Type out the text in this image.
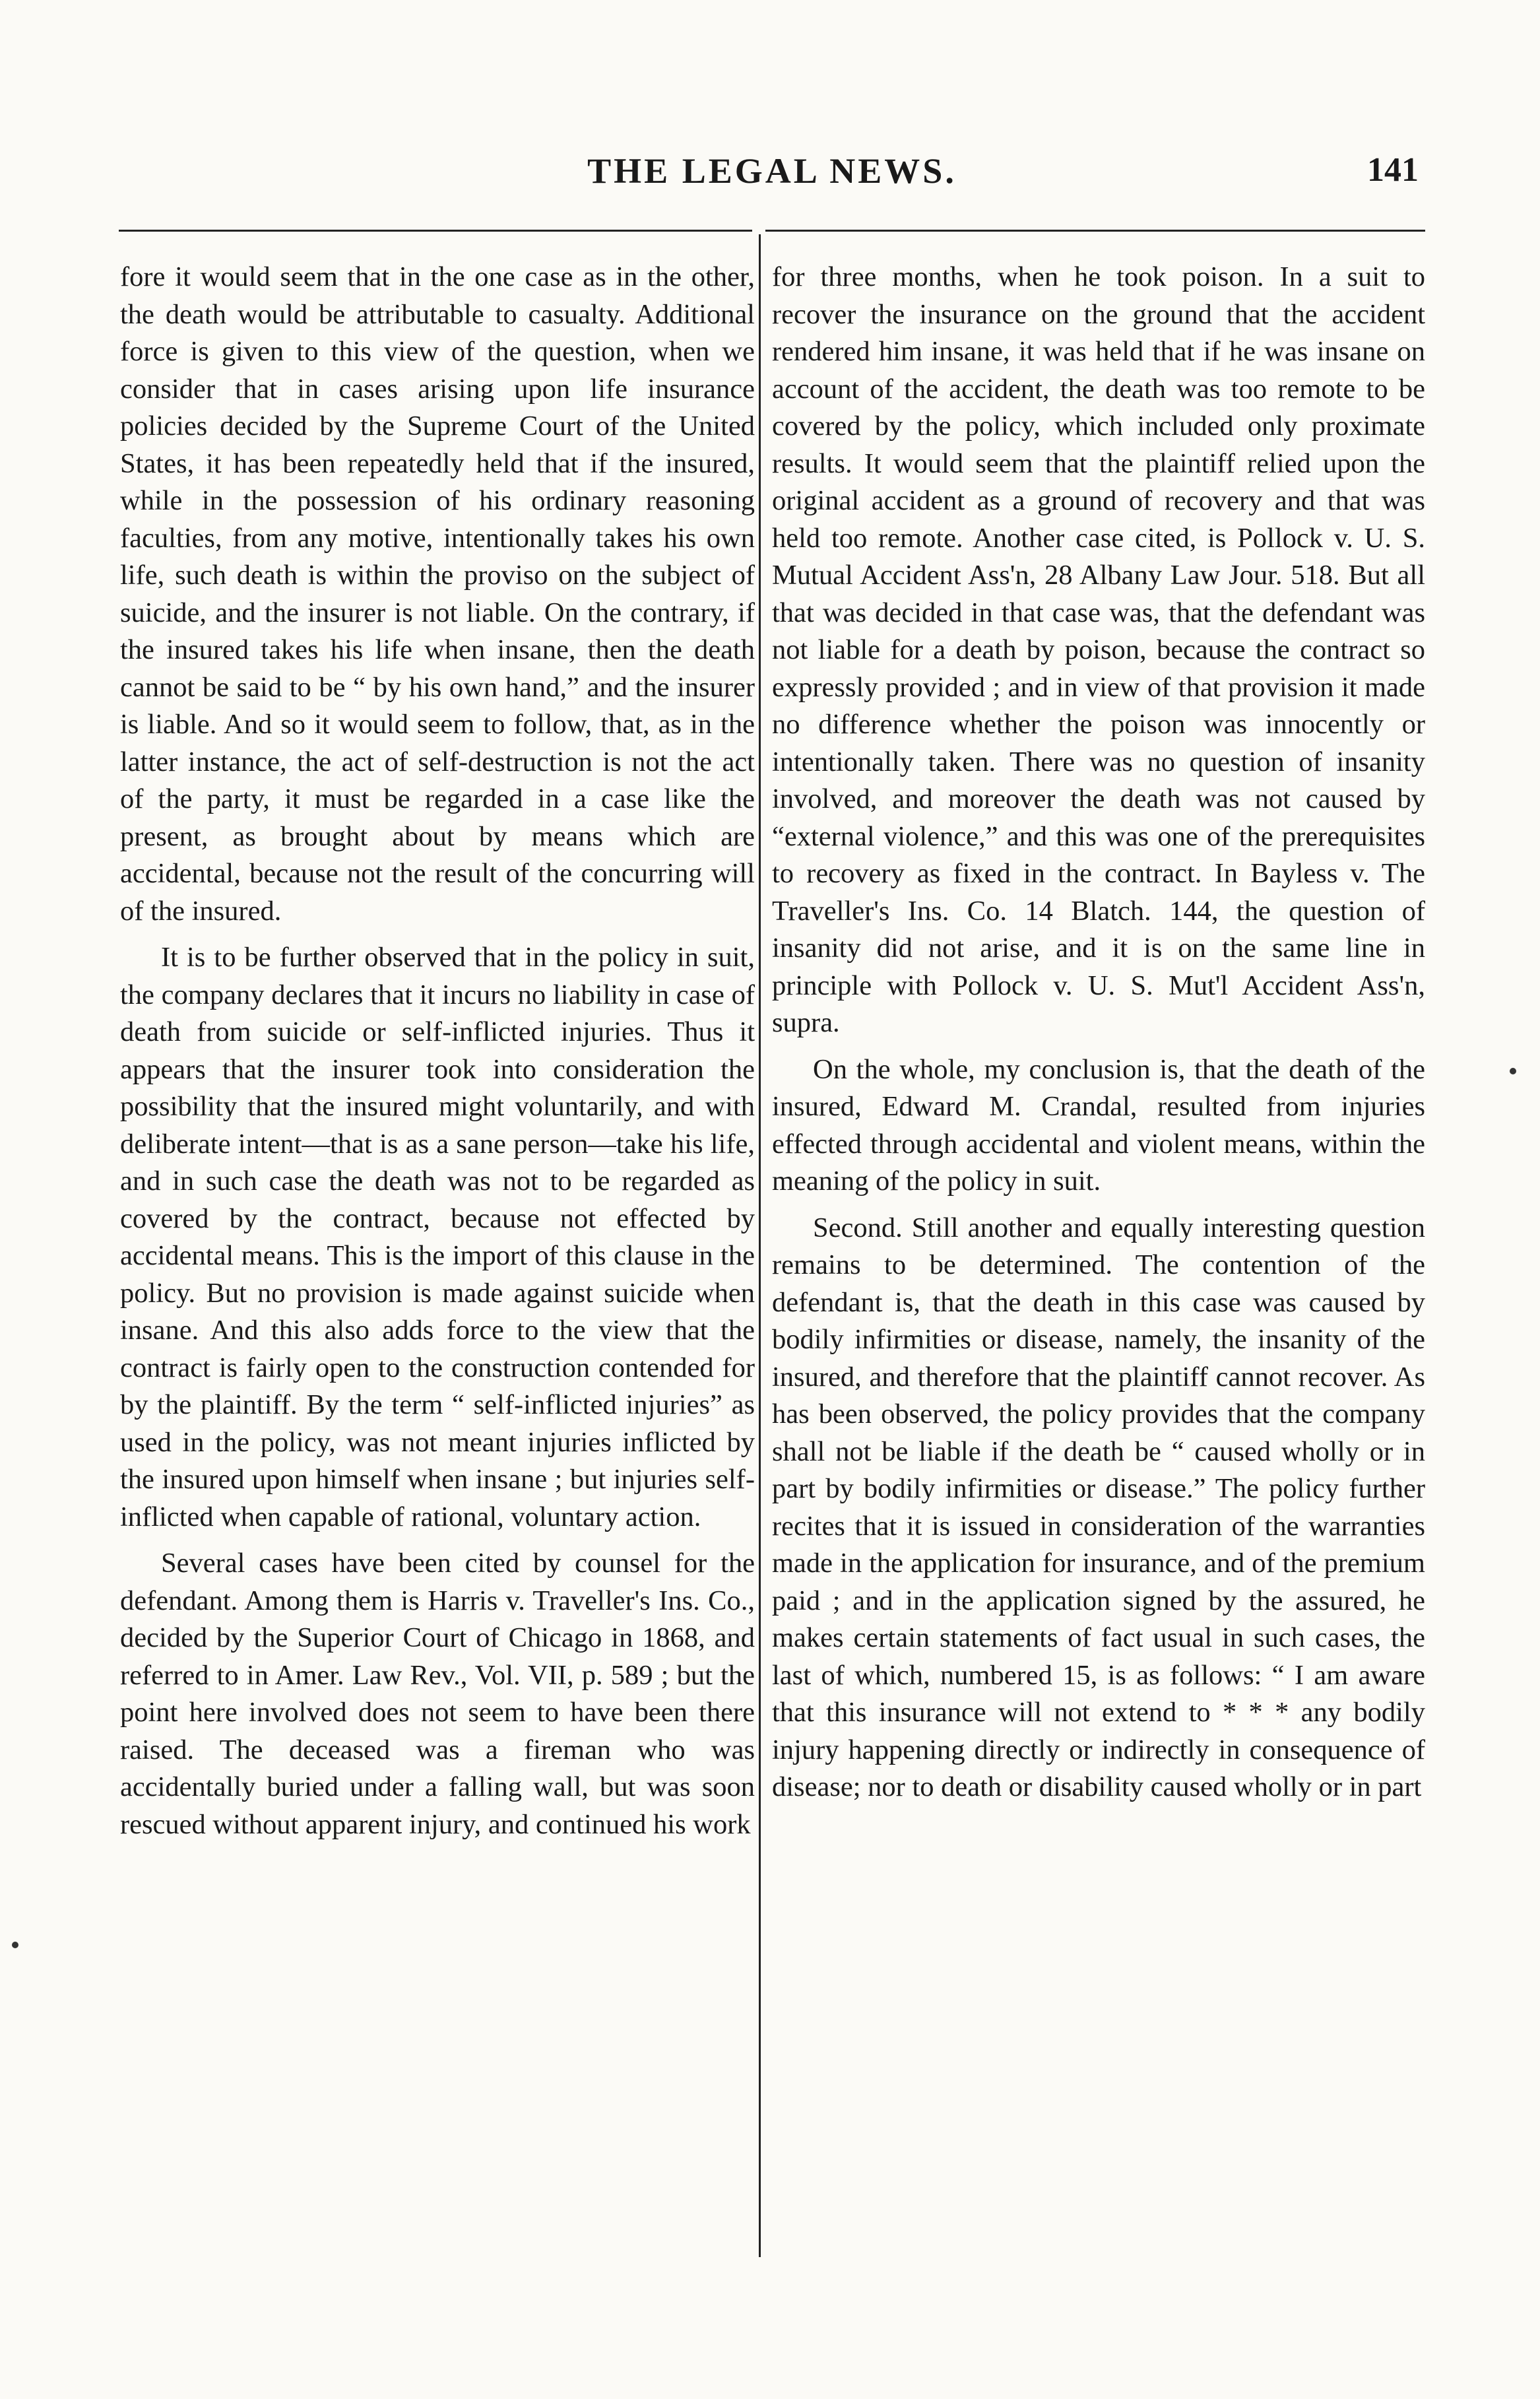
THE LEGAL NEWS.	141

fore it would seem that in the one case as in the other, the death would be attributable to casualty. Additional force is given to this view of the question, when we consider that in cases arising upon life insurance policies decided by the Supreme Court of the United States, it has been repeatedly held that if the insured, while in the possession of his ordinary reasoning faculties, from any motive, intentionally takes his own life, such death is within the proviso on the subject of suicide, and the insurer is not liable. On the contrary, if the insured takes his life when insane, then the death cannot be said to be “ by his own hand,” and the insurer is liable. And so it would seem to follow, that, as in the latter instance, the act of self-destruction is not the act of the party, it must be regarded in a case like the present, as brought about by means which are accidental, because not the result of the concurring will of the insured.

It is to be further observed that in the policy in suit, the company declares that it incurs no liability in case of death from suicide or self-inflicted injuries. Thus it appears that the insurer took into consideration the possibility that the insured might voluntarily, and with deliberate intent—that is as a sane person—take his life, and in such case the death was not to be regarded as covered by the contract, because not effected by accidental means. This is the import of this clause in the policy. But no provision is made against suicide when insane. And this also adds force to the view that the contract is fairly open to the construction contended for by the plaintiff. By the term “ self-inflicted injuries” as used in the policy, was not meant injuries inflicted by the insured upon himself when insane ; but injuries self-inflicted when capable of rational, voluntary action.

Several cases have been cited by counsel for the defendant. Among them is Harris v. Traveller's Ins. Co., decided by the Superior Court of Chicago in 1868, and referred to in Amer. Law Rev., Vol. VII, p. 589 ; but the point here involved does not seem to have been there raised. The deceased was a fireman who was accidentally buried under a falling wall, but was soon rescued without apparent injury, and continued his work

for three months, when he took poison. In a suit to recover the insurance on the ground that the accident rendered him insane, it was held that if he was insane on account of the accident, the death was too remote to be covered by the policy, which included only proximate results. It would seem that the plaintiff relied upon the original accident as a ground of recovery and that was held too remote. Another case cited, is Pollock v. U. S. Mutual Accident Ass'n, 28 Albany Law Jour. 518. But all that was decided in that case was, that the defendant was not liable for a death by poison, because the contract so expressly provided ; and in view of that provision it made no difference whether the poison was innocently or intentionally taken. There was no question of insanity involved, and moreover the death was not caused by “external violence,” and this was one of the prerequisites to recovery as fixed in the contract. In Bayless v. The Traveller's Ins. Co. 14 Blatch. 144, the question of insanity did not arise, and it is on the same line in principle with Pollock v. U. S. Mut'l Accident Ass'n, supra.

On the whole, my conclusion is, that the death of the insured, Edward M. Crandal, resulted from injuries effected through accidental and violent means, within the meaning of the policy in suit.

Second. Still another and equally interesting question remains to be determined. The contention of the defendant is, that the death in this case was caused by bodily infirmities or disease, namely, the insanity of the insured, and therefore that the plaintiff cannot recover. As has been observed, the policy provides that the company shall not be liable if the death be “ caused wholly or in part by bodily infirmities or disease.” The policy further recites that it is issued in consideration of the warranties made in the application for insurance, and of the premium paid ; and in the application signed by the assured, he makes certain statements of fact usual in such cases, the last of which, numbered 15, is as follows: “ I am aware that this insurance will not extend to * * * any bodily injury happening directly or indirectly in consequence of disease; nor to death or disability caused wholly or in part
